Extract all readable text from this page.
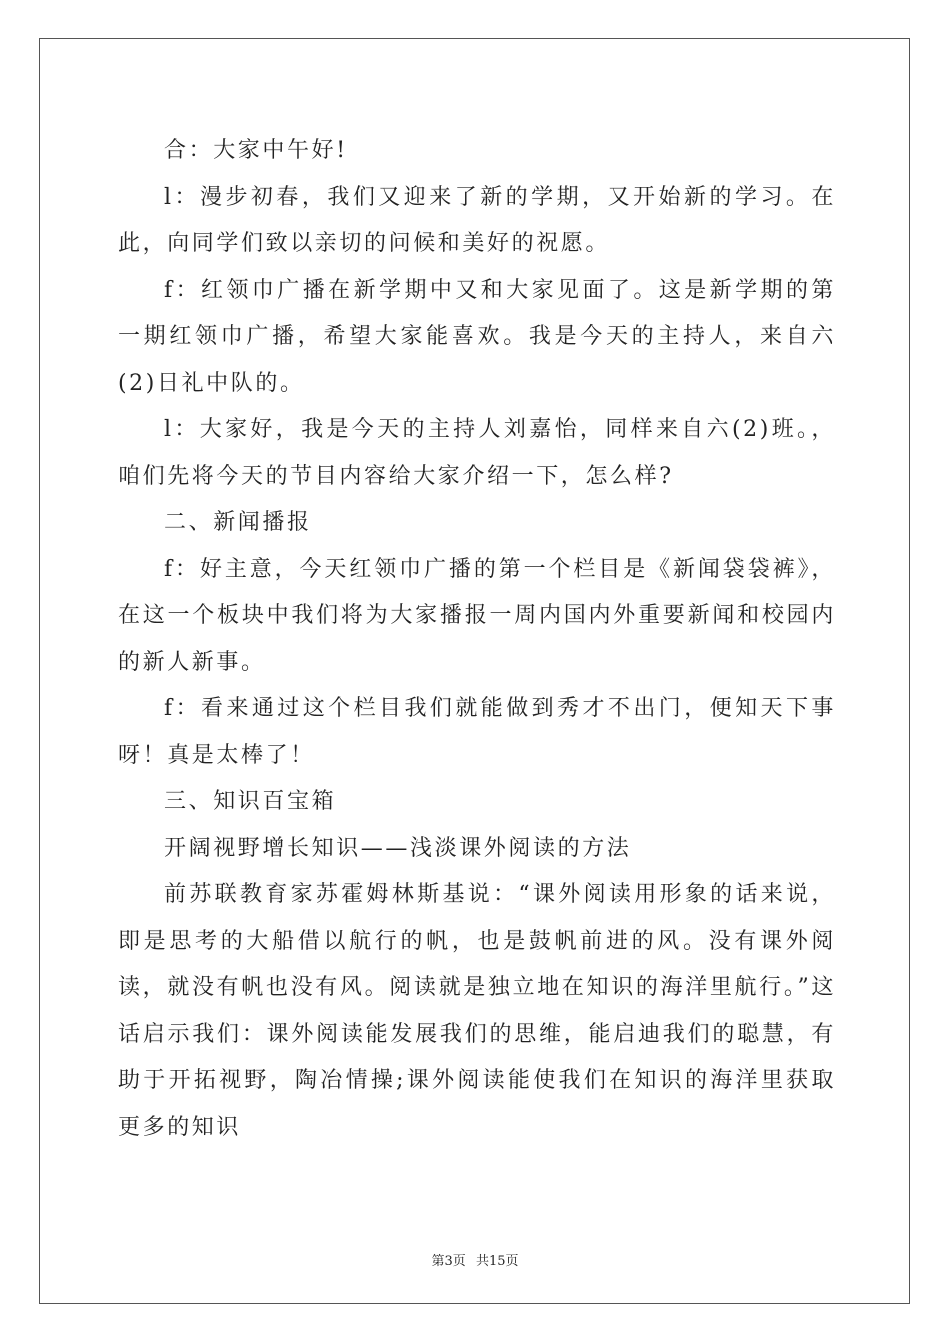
合：大家中午好!

l：漫步初春，我们又迎来了新的学期，又开始新的学习。在此，向同学们致以亲切的问候和美好的祝愿。

f：红领巾广播在新学期中又和大家见面了。这是新学期的第一期红领巾广播，希望大家能喜欢。我是今天的主持人，来自六(2)日礼中队的。

l：大家好，我是今天的主持人刘嘉怡，同样来自六(2)班。，咱们先将今天的节目内容给大家介绍一下，怎么样?

二、新闻播报

f：好主意，今天红领巾广播的第一个栏目是《新闻袋袋裤》，在这一个板块中我们将为大家播报一周内国内外重要新闻和校园内的新人新事。

f：看来通过这个栏目我们就能做到秀才不出门，便知天下事呀！真是太棒了！

三、知识百宝箱

开阔视野增长知识——浅淡课外阅读的方法

前苏联教育家苏霍姆林斯基说：“课外阅读用形象的话来说，即是思考的大船借以航行的帆，也是鼓帆前进的风。没有课外阅读，就没有帆也没有风。阅读就是独立地在知识的海洋里航行。”这话启示我们：课外阅读能发展我们的思维，能启迪我们的聪慧，有助于开拓视野，陶冶情操;课外阅读能使我们在知识的海洋里获取更多的知识

第3页 共15页
